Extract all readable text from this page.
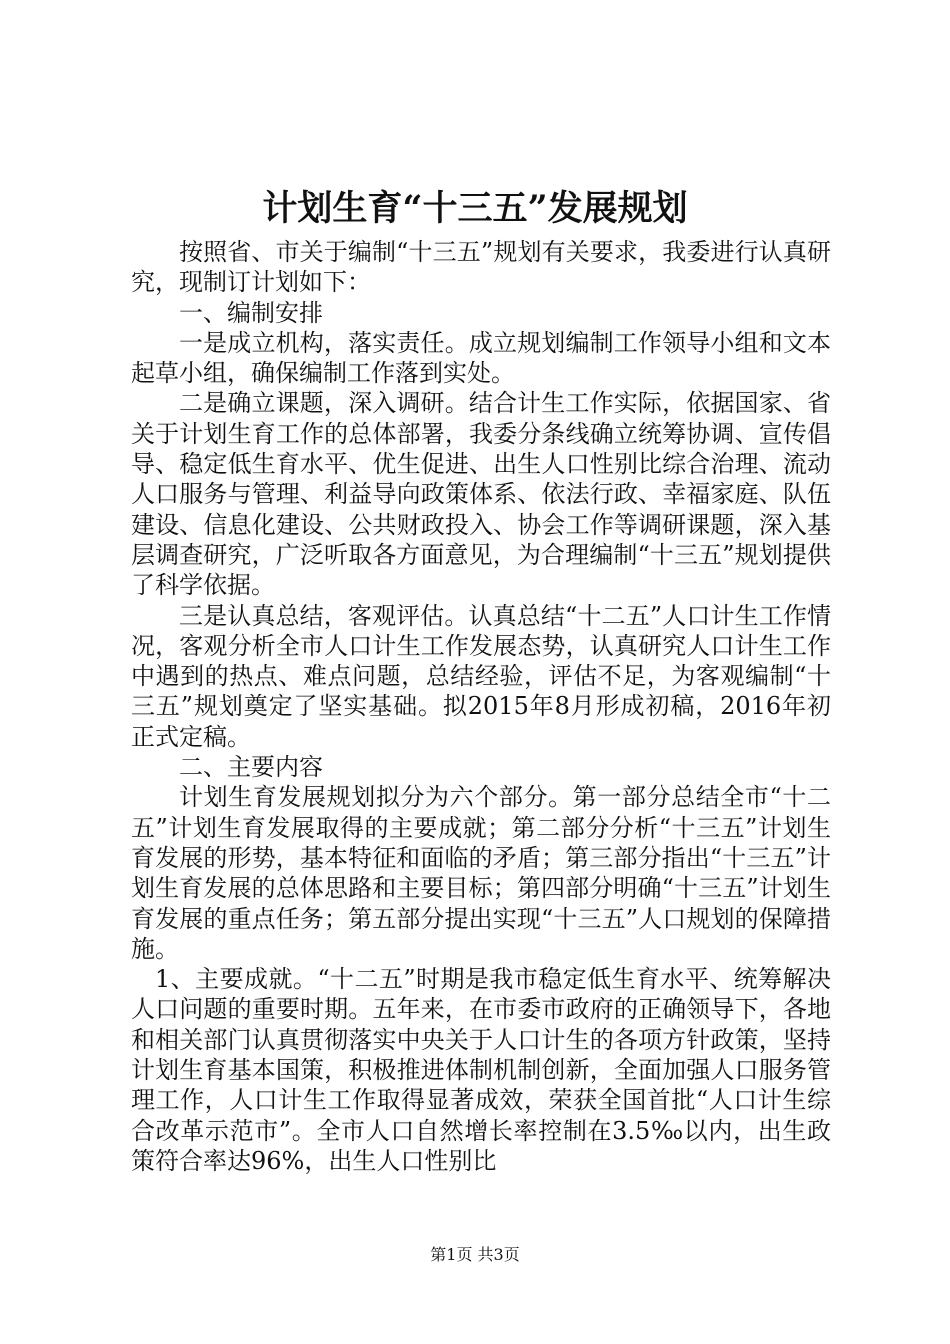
计划生育“十三五”发展规划

按照省、市关于编制“十三五”规划有关要求，我委进行认真研究，现制订计划如下：

一、编制安排

一是成立机构，落实责任。成立规划编制工作领导小组和文本起草小组，确保编制工作落到实处。

二是确立课题，深入调研。结合计生工作实际，依据国家、省关于计划生育工作的总体部署，我委分条线确立统筹协调、宣传倡导、稳定低生育水平、优生促进、出生人口性别比综合治理、流动人口服务与管理、利益导向政策体系、依法行政、幸福家庭、队伍建设、信息化建设、公共财政投入、协会工作等调研课题，深入基层调查研究，广泛听取各方面意见，为合理编制“十三五”规划提供了科学依据。

三是认真总结，客观评估。认真总结“十二五”人口计生工作情况，客观分析全市人口计生工作发展态势，认真研究人口计生工作中遇到的热点、难点问题，总结经验，评估不足，为客观编制“十三五”规划奠定了坚实基础。拟2015年8月形成初稿，2016年初正式定稿。

二、主要内容

计划生育发展规划拟分为六个部分。第一部分总结全市“十二五”计划生育发展取得的主要成就；第二部分分析“十三五”计划生育发展的形势，基本特征和面临的矛盾；第三部分指出“十三五”计划生育发展的总体思路和主要目标；第四部分明确“十三五”计划生育发展的重点任务；第五部分提出实现“十三五”人口规划的保障措施。

1、主要成就。“十二五”时期是我市稳定低生育水平、统筹解决人口问题的重要时期。五年来，在市委市政府的正确领导下，各地和相关部门认真贯彻落实中央关于人口计生的各项方针政策，坚持计划生育基本国策，积极推进体制机制创新，全面加强人口服务管理工作，人口计生工作取得显著成效，荣获全国首批“人口计生综合改革示范市”。全市人口自然增长率控制在3.5‰以内，出生政策符合率达96%，出生人口性别比

第1页 共3页
